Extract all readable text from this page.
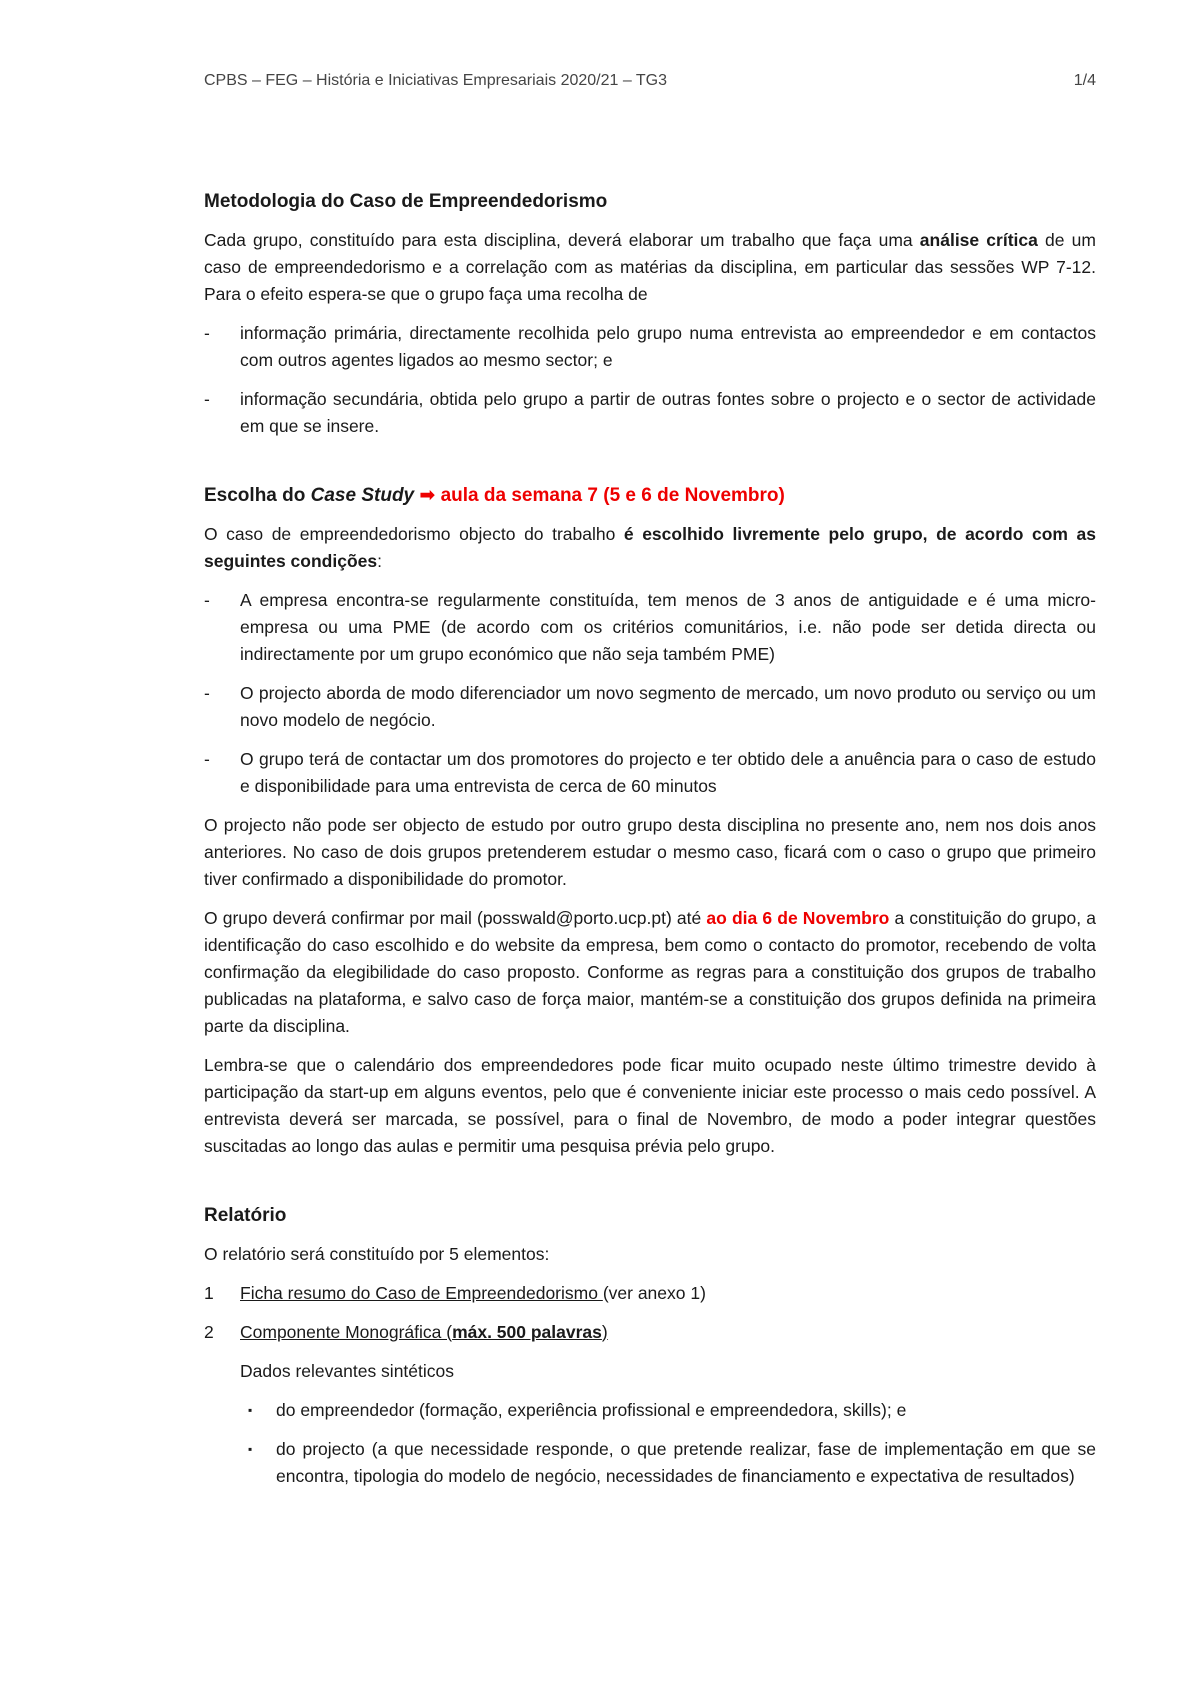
CPBS – FEG – História e Iniciativas Empresariais 2020/21 – TG3	1/4
Metodologia do Caso de Empreendedorismo

Cada grupo, constituído para esta disciplina, deverá elaborar um trabalho que faça uma análise crítica de um caso de empreendedorismo e a correlação com as matérias da disciplina, em particular das sessões WP 7-12. Para o efeito espera-se que o grupo faça uma recolha de

- informação primária, directamente recolhida pelo grupo numa entrevista ao empreendedor e em contactos com outros agentes ligados ao mesmo sector; e
- informação secundária, obtida pelo grupo a partir de outras fontes sobre o projecto e o sector de actividade em que se insere.
Escolha do Case Study ➡ aula da semana 7 (5 e 6 de Novembro)

O caso de empreendedorismo objecto do trabalho é escolhido livremente pelo grupo, de acordo com as seguintes condições:

- A empresa encontra-se regularmente constituída, tem menos de 3 anos de antiguidade e é uma micro-empresa ou uma PME (de acordo com os critérios comunitários, i.e. não pode ser detida directa ou indirectamente por um grupo económico que não seja também PME)
- O projecto aborda de modo diferenciador um novo segmento de mercado, um novo produto ou serviço ou um novo modelo de negócio.
- O grupo terá de contactar um dos promotores do projecto e ter obtido dele a anuência para o caso de estudo e disponibilidade para uma entrevista de cerca de 60 minutos

O projecto não pode ser objecto de estudo por outro grupo desta disciplina no presente ano, nem nos dois anos anteriores. No caso de dois grupos pretenderem estudar o mesmo caso, ficará com o caso o grupo que primeiro tiver confirmado a disponibilidade do promotor.

O grupo deverá confirmar por mail (posswald@porto.ucp.pt) até ao dia 6 de Novembro a constituição do grupo, a identificação do caso escolhido e do website da empresa, bem como o contacto do promotor, recebendo de volta confirmação da elegibilidade do caso proposto. Conforme as regras para a constituição dos grupos de trabalho publicadas na plataforma, e salvo caso de força maior, mantém-se a constituição dos grupos definida na primeira parte da disciplina.

Lembra-se que o calendário dos empreendedores pode ficar muito ocupado neste último trimestre devido à participação da start-up em alguns eventos, pelo que é conveniente iniciar este processo o mais cedo possível. A entrevista deverá ser marcada, se possível, para o final de Novembro, de modo a poder integrar questões suscitadas ao longo das aulas e permitir uma pesquisa prévia pelo grupo.

Relatório

O relatório será constituído por 5 elementos:

1 Ficha resumo do Caso de Empreendedorismo (ver anexo 1)
2 Componente Monográfica (máx. 500 palavras)

Dados relevantes sintéticos

▪ do empreendedor (formação, experiência profissional e empreendedora, skills); e
▪ do projecto (a que necessidade responde, o que pretende realizar, fase de implementação em que se encontra, tipologia do modelo de negócio, necessidades de financiamento e expectativa de resultados)
